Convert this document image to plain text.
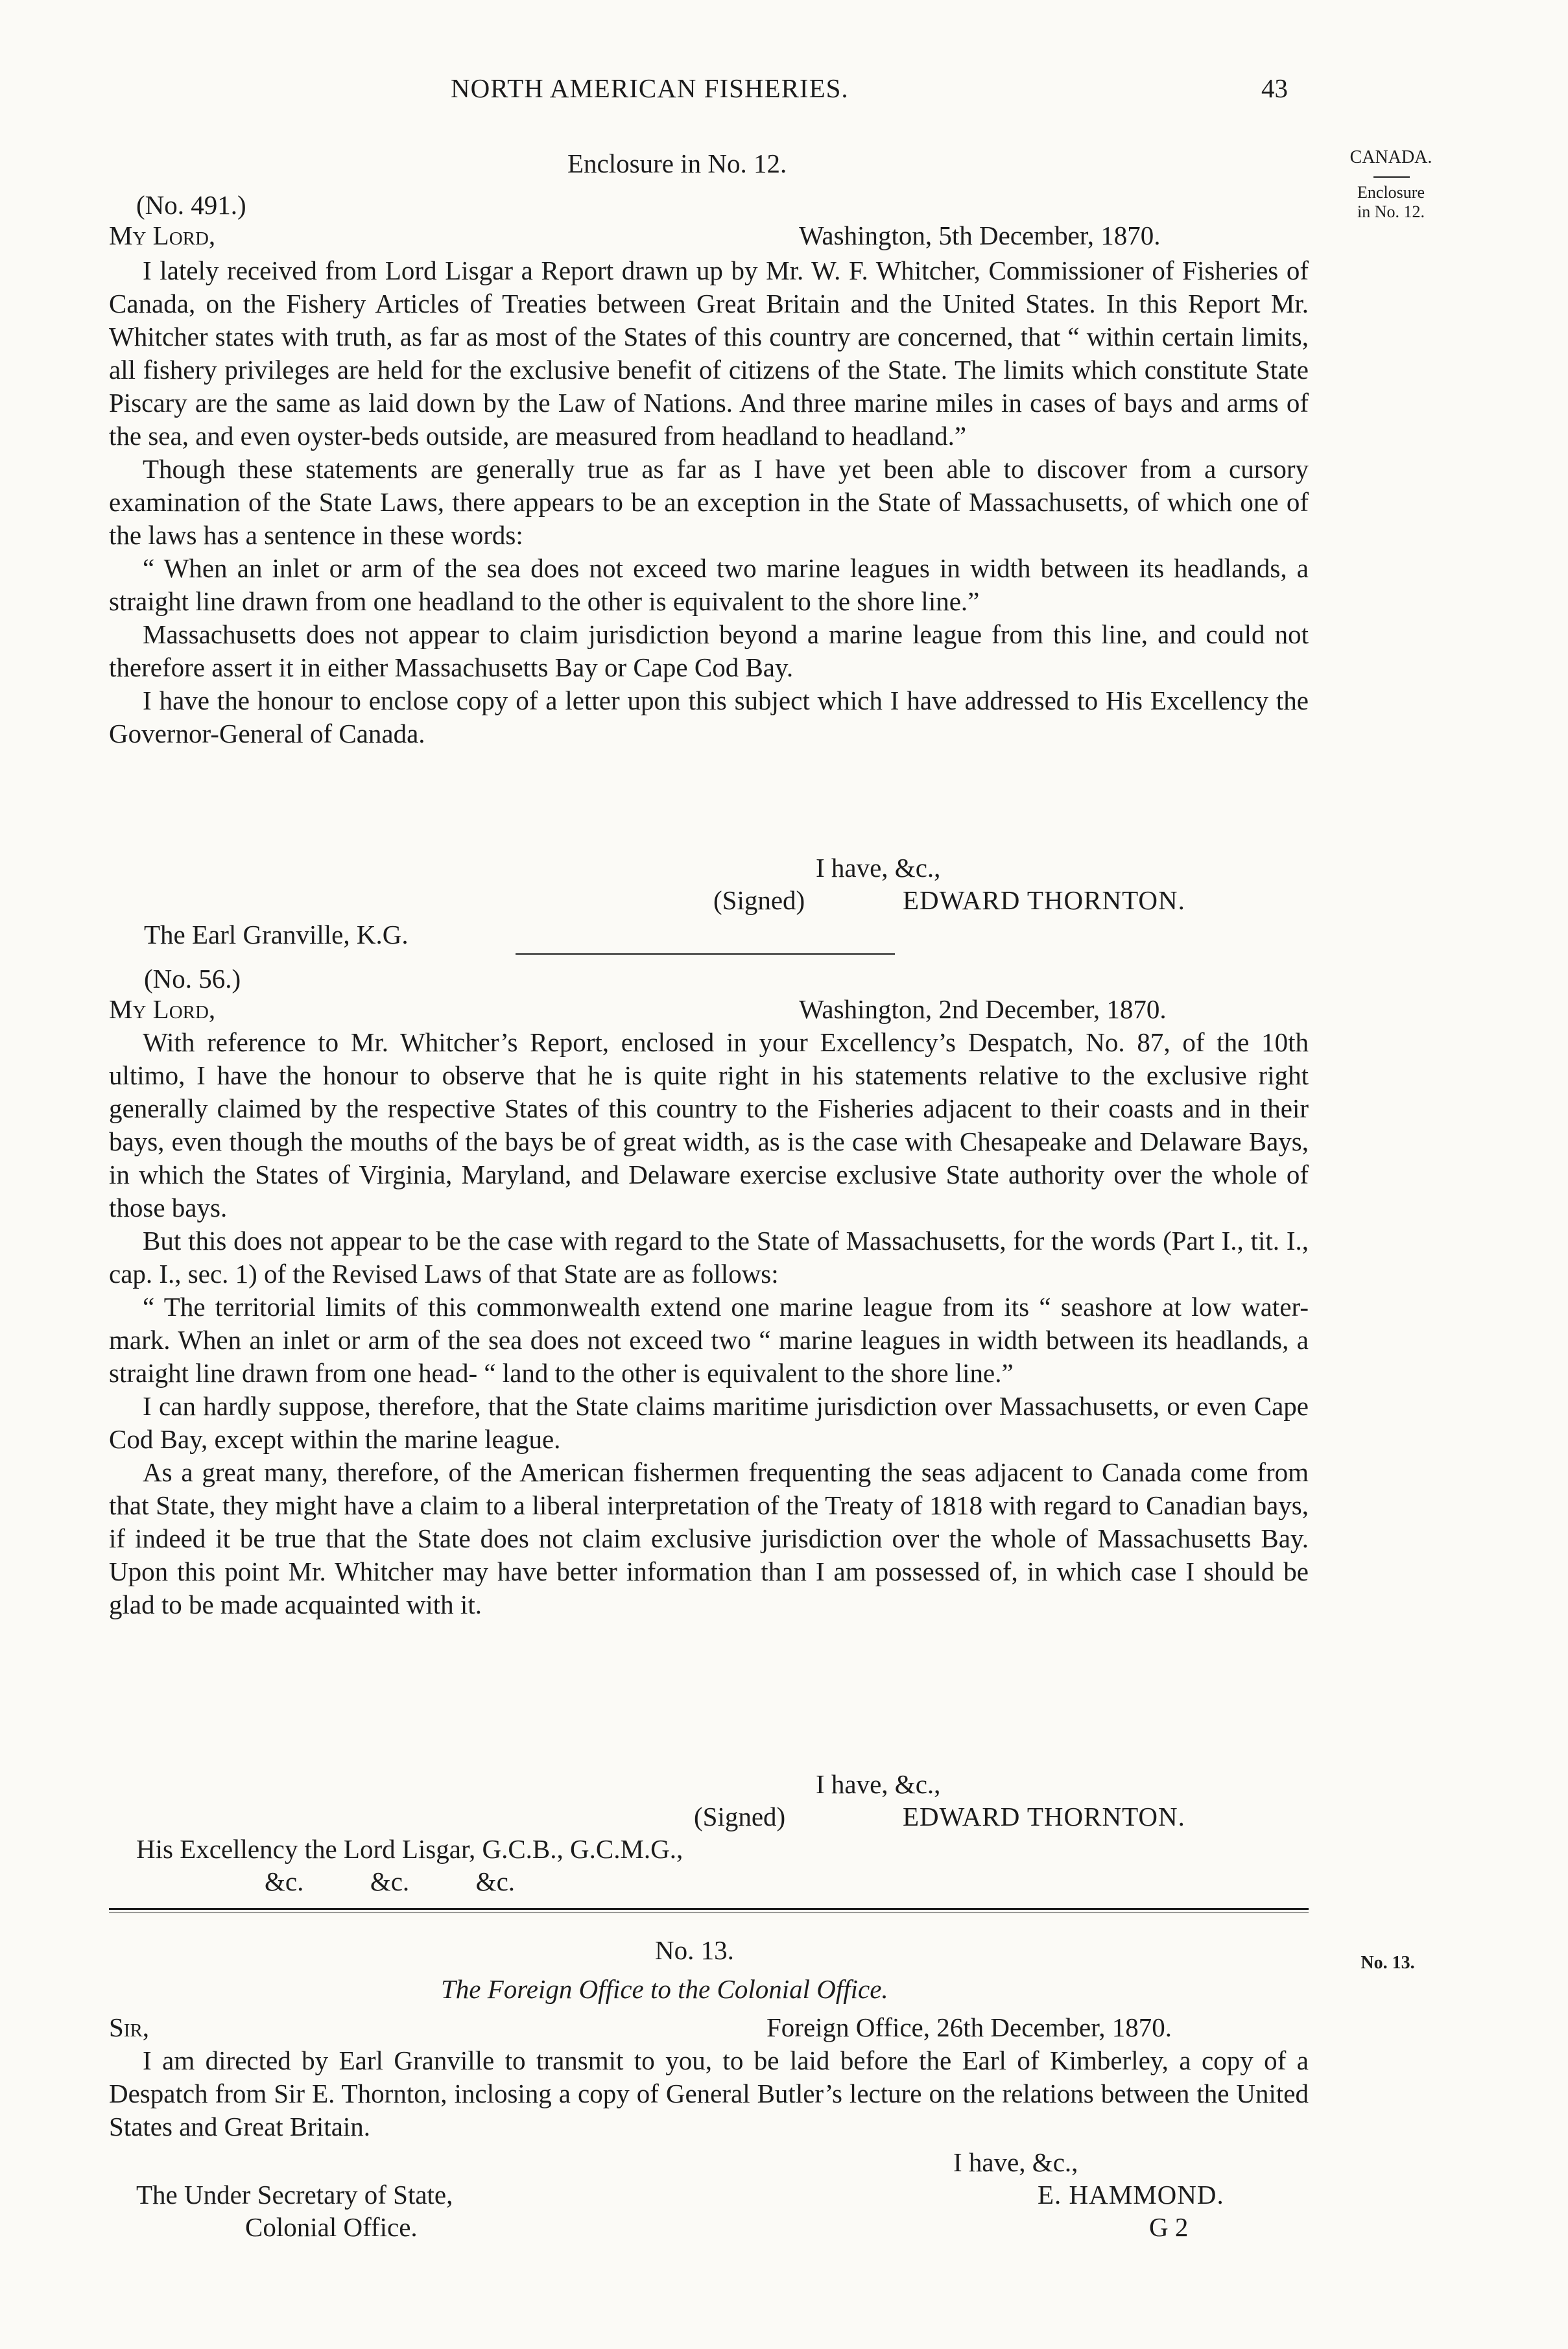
NORTH AMERICAN FISHERIES.	43
CANADA.
Enclosure
in No. 12.
Enclosure in No. 12.
(No. 491.)
My Lord,	Washington, 5th December, 1870.

I lately received from Lord Lisgar a Report drawn up by Mr. W. F. Whitcher, Commissioner of Fisheries of Canada, on the Fishery Articles of Treaties between Great Britain and the United States. In this Report Mr. Whitcher states with truth, as far as most of the States of this country are concerned, that “ within certain limits, all fishery privileges are held for the exclusive benefit of citizens of the State. The limits which constitute State Piscary are the same as laid down by the Law of Nations. And three marine miles in cases of bays and arms of the sea, and even oyster-beds outside, are measured from headland to headland.”

Though these statements are generally true as far as I have yet been able to discover from a cursory examination of the State Laws, there appears to be an exception in the State of Massachusetts, of which one of the laws has a sentence in these words:

“ When an inlet or arm of the sea does not exceed two marine leagues in width between its headlands, a straight line drawn from one headland to the other is equivalent to the shore line.”

Massachusetts does not appear to claim jurisdiction beyond a marine league from this line, and could not therefore assert it in either Massachusetts Bay or Cape Cod Bay.

I have the honour to enclose copy of a letter upon this subject which I have addressed to His Excellency the Governor-General of Canada.

I have, &c.,
(Signed)	EDWARD THORNTON.
The Earl Granville, K.G.
(No. 56.)
My Lord,	Washington, 2nd December, 1870.

With reference to Mr. Whitcher’s Report, enclosed in your Excellency’s Despatch, No. 87, of the 10th ultimo, I have the honour to observe that he is quite right in his statements relative to the exclusive right generally claimed by the respective States of this country to the Fisheries adjacent to their coasts and in their bays, even though the mouths of the bays be of great width, as is the case with Chesapeake and Delaware Bays, in which the States of Virginia, Maryland, and Delaware exercise exclusive State authority over the whole of those bays.

But this does not appear to be the case with regard to the State of Massachusetts, for the words (Part I., tit. I., cap. I., sec. 1) of the Revised Laws of that State are as follows:

“ The territorial limits of this commonwealth extend one marine league from its “ seashore at low water-mark. When an inlet or arm of the sea does not exceed two “ marine leagues in width between its headlands, a straight line drawn from one head- “ land to the other is equivalent to the shore line.”

I can hardly suppose, therefore, that the State claims maritime jurisdiction over Massachusetts, or even Cape Cod Bay, except within the marine league.

As a great many, therefore, of the American fishermen frequenting the seas adjacent to Canada come from that State, they might have a claim to a liberal interpretation of the Treaty of 1818 with regard to Canadian bays, if indeed it be true that the State does not claim exclusive jurisdiction over the whole of Massachusetts Bay. Upon this point Mr. Whitcher may have better information than I am possessed of, in which case I should be glad to be made acquainted with it.

I have, &c.,
(Signed)	EDWARD THORNTON.
His Excellency the Lord Lisgar, G.C.B., G.C.M.G.,
&c.          &c.          &c.
No. 13.	No. 13.
The Foreign Office to the Colonial Office.
Sir,	Foreign Office, 26th December, 1870.

I am directed by Earl Granville to transmit to you, to be laid before the Earl of Kimberley, a copy of a Despatch from Sir E. Thornton, inclosing a copy of General Butler’s lecture on the relations between the United States and Great Britain.

I have, &c.,
The Under Secretary of State,	E. HAMMOND.
Colonial Office.	G 2
